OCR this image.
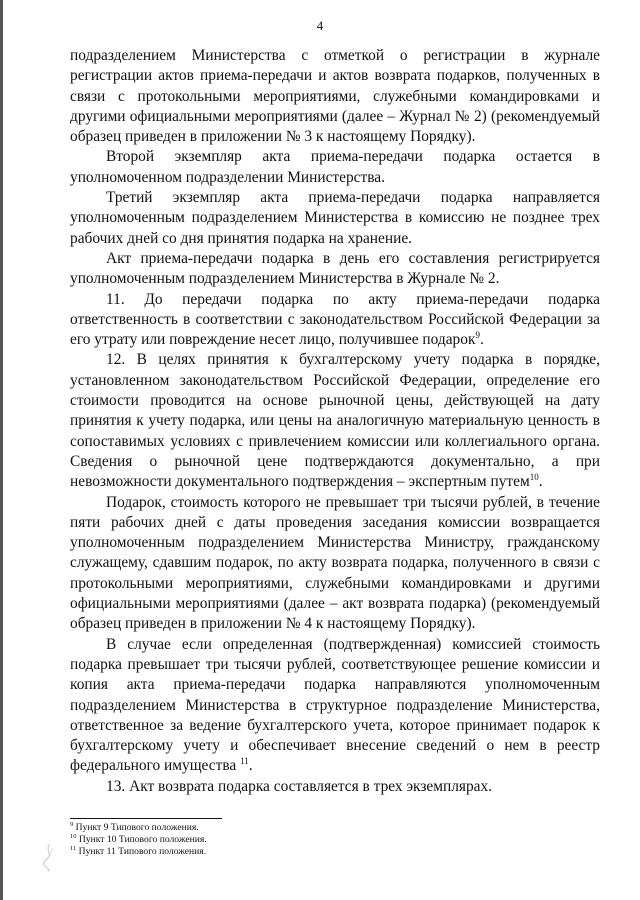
4

подразделением Министерства с отметкой о регистрации в журнале регистрации актов приема-передачи и актов возврата подарков, полученных в связи с протокольными мероприятиями, служебными командировками и другими официальными мероприятиями (далее – Журнал № 2) (рекомендуемый образец приведен в приложении № 3 к настоящему Порядку).

Второй экземпляр акта приема-передачи подарка остается в уполномоченном подразделении Министерства.

Третий экземпляр акта приема-передачи подарка направляется уполномоченным подразделением Министерства в комиссию не позднее трех рабочих дней со дня принятия подарка на хранение.

Акт приема-передачи подарка в день его составления регистрируется уполномоченным подразделением Министерства в Журнале № 2.

11. До передачи подарка по акту приема-передачи подарка ответственность в соответствии с законодательством Российской Федерации за его утрату или повреждение несет лицо, получившее подарок$^9$.

12. В целях принятия к бухгалтерскому учету подарка в порядке, установленном законодательством Российской Федерации, определение его стоимости проводится на основе рыночной цены, действующей на дату принятия к учету подарка, или цены на аналогичную материальную ценность в сопоставимых условиях с привлечением комиссии или коллегиального органа. Сведения о рыночной цене подтверждаются документально, а при невозможности документального подтверждения – экспертным путем$^{10}$.

Подарок, стоимость которого не превышает три тысячи рублей, в течение пяти рабочих дней с даты проведения заседания комиссии возвращается уполномоченным подразделением Министерства Министру, гражданскому служащему, сдавшим подарок, по акту возврата подарка, полученного в связи с протокольными мероприятиями, служебными командировками и другими официальными мероприятиями (далее – акт возврата подарка) (рекомендуемый образец приведен в приложении № 4 к настоящему Порядку).

В случае если определенная (подтвержденная) комиссией стоимость подарка превышает три тысячи рублей, соответствующее решение комиссии и копия акта приема-передачи подарка направляются уполномоченным подразделением Министерства в структурное подразделение Министерства, ответственное за ведение бухгалтерского учета, которое принимает подарок к бухгалтерскому учету и обеспечивает внесение сведений о нем в реестр федерального имущества $^{11}$.

13. Акт возврата подарка составляется в трех экземплярах.

$^9$ Пункт 9 Типового положения.
$^{10}$ Пункт 10 Типового положения.
$^{11}$ Пункт 11 Типового положения.
